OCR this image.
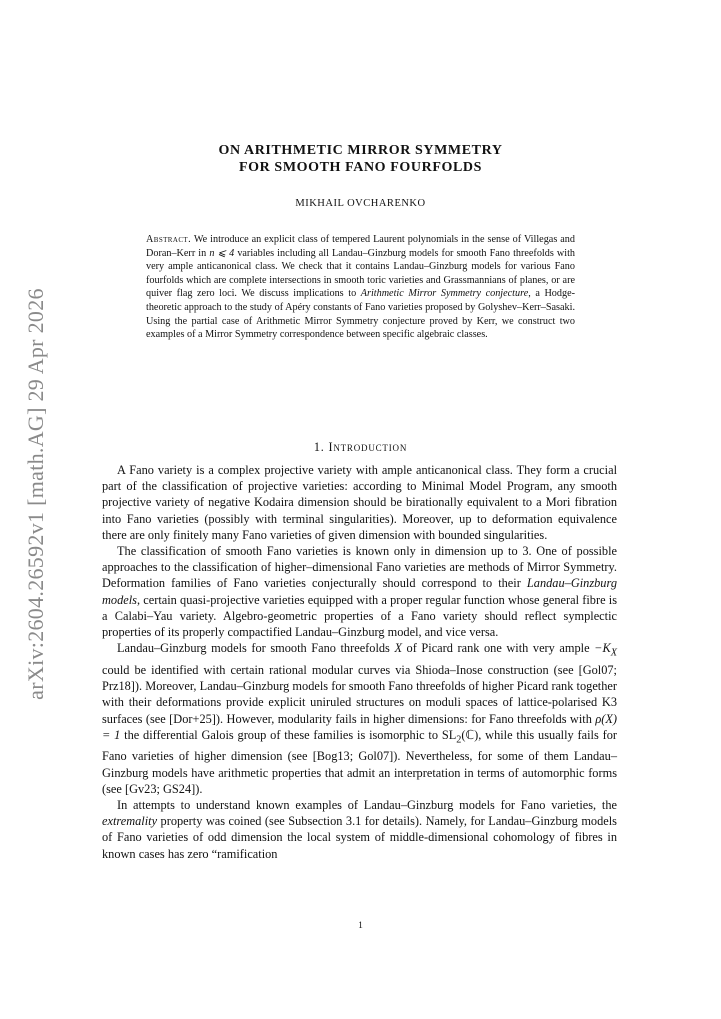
arXiv:2604.26592v1 [math.AG] 29 Apr 2026
ON ARITHMETIC MIRROR SYMMETRY
FOR SMOOTH FANO FOURFOLDS
MIKHAIL OVCHARENKO
Abstract. We introduce an explicit class of tempered Laurent polynomials in the sense of Villegas and Doran–Kerr in n ⩽ 4 variables including all Landau–Ginzburg models for smooth Fano threefolds with very ample anticanonical class. We check that it contains Landau–Ginzburg models for various Fano fourfolds which are complete intersections in smooth toric varieties and Grassmannians of planes, or are quiver flag zero loci. We discuss implications to Arithmetic Mirror Symmetry conjecture, a Hodge-theoretic approach to the study of Apéry constants of Fano varieties proposed by Golyshev–Kerr–Sasaki. Using the partial case of Arithmetic Mirror Symmetry conjecture proved by Kerr, we construct two examples of a Mirror Symmetry correspondence between specific algebraic classes.
1. Introduction

A Fano variety is a complex projective variety with ample anticanonical class. They form a crucial part of the classification of projective varieties: according to Minimal Model Program, any smooth projective variety of negative Kodaira dimension should be birationally equivalent to a Mori fibration into Fano varieties (possibly with terminal singularities). Moreover, up to deformation equivalence there are only finitely many Fano varieties of given dimension with bounded singularities.

The classification of smooth Fano varieties is known only in dimension up to 3. One of possible approaches to the classification of higher–dimensional Fano varieties are methods of Mirror Symmetry. Deformation families of Fano varieties conjecturally should correspond to their Landau–Ginzburg models, certain quasi-projective varieties equipped with a proper regular function whose general fibre is a Calabi–Yau variety. Algebro-geometric properties of a Fano variety should reflect symplectic properties of its properly compactified Landau–Ginzburg model, and vice versa.

Landau–Ginzburg models for smooth Fano threefolds X of Picard rank one with very ample $-K_X$ could be identified with certain rational modular curves via Shioda–Inose construction (see [Gol07; Prz18]). Moreover, Landau–Ginzburg models for smooth Fano threefolds of higher Picard rank together with their deformations provide explicit uniruled structures on moduli spaces of lattice-polarised K3 surfaces (see [Dor+25]). However, modularity fails in higher dimensions: for Fano threefolds with ρ(X) = 1 the differential Galois group of these families is isomorphic to $SL_2(ℂ)$, while this usually fails for Fano varieties of higher dimension (see [Bog13; Gol07]). Nevertheless, for some of them Landau–Ginzburg models have arithmetic properties that admit an interpretation in terms of automorphic forms (see [Gv23; GS24]).

In attempts to understand known examples of Landau–Ginzburg models for Fano varieties, the extremality property was coined (see Subsection 3.1 for details). Namely, for Landau–Ginzburg models of Fano varieties of odd dimension the local system of middle-dimensional cohomology of fibres in known cases has zero “ramification

1
